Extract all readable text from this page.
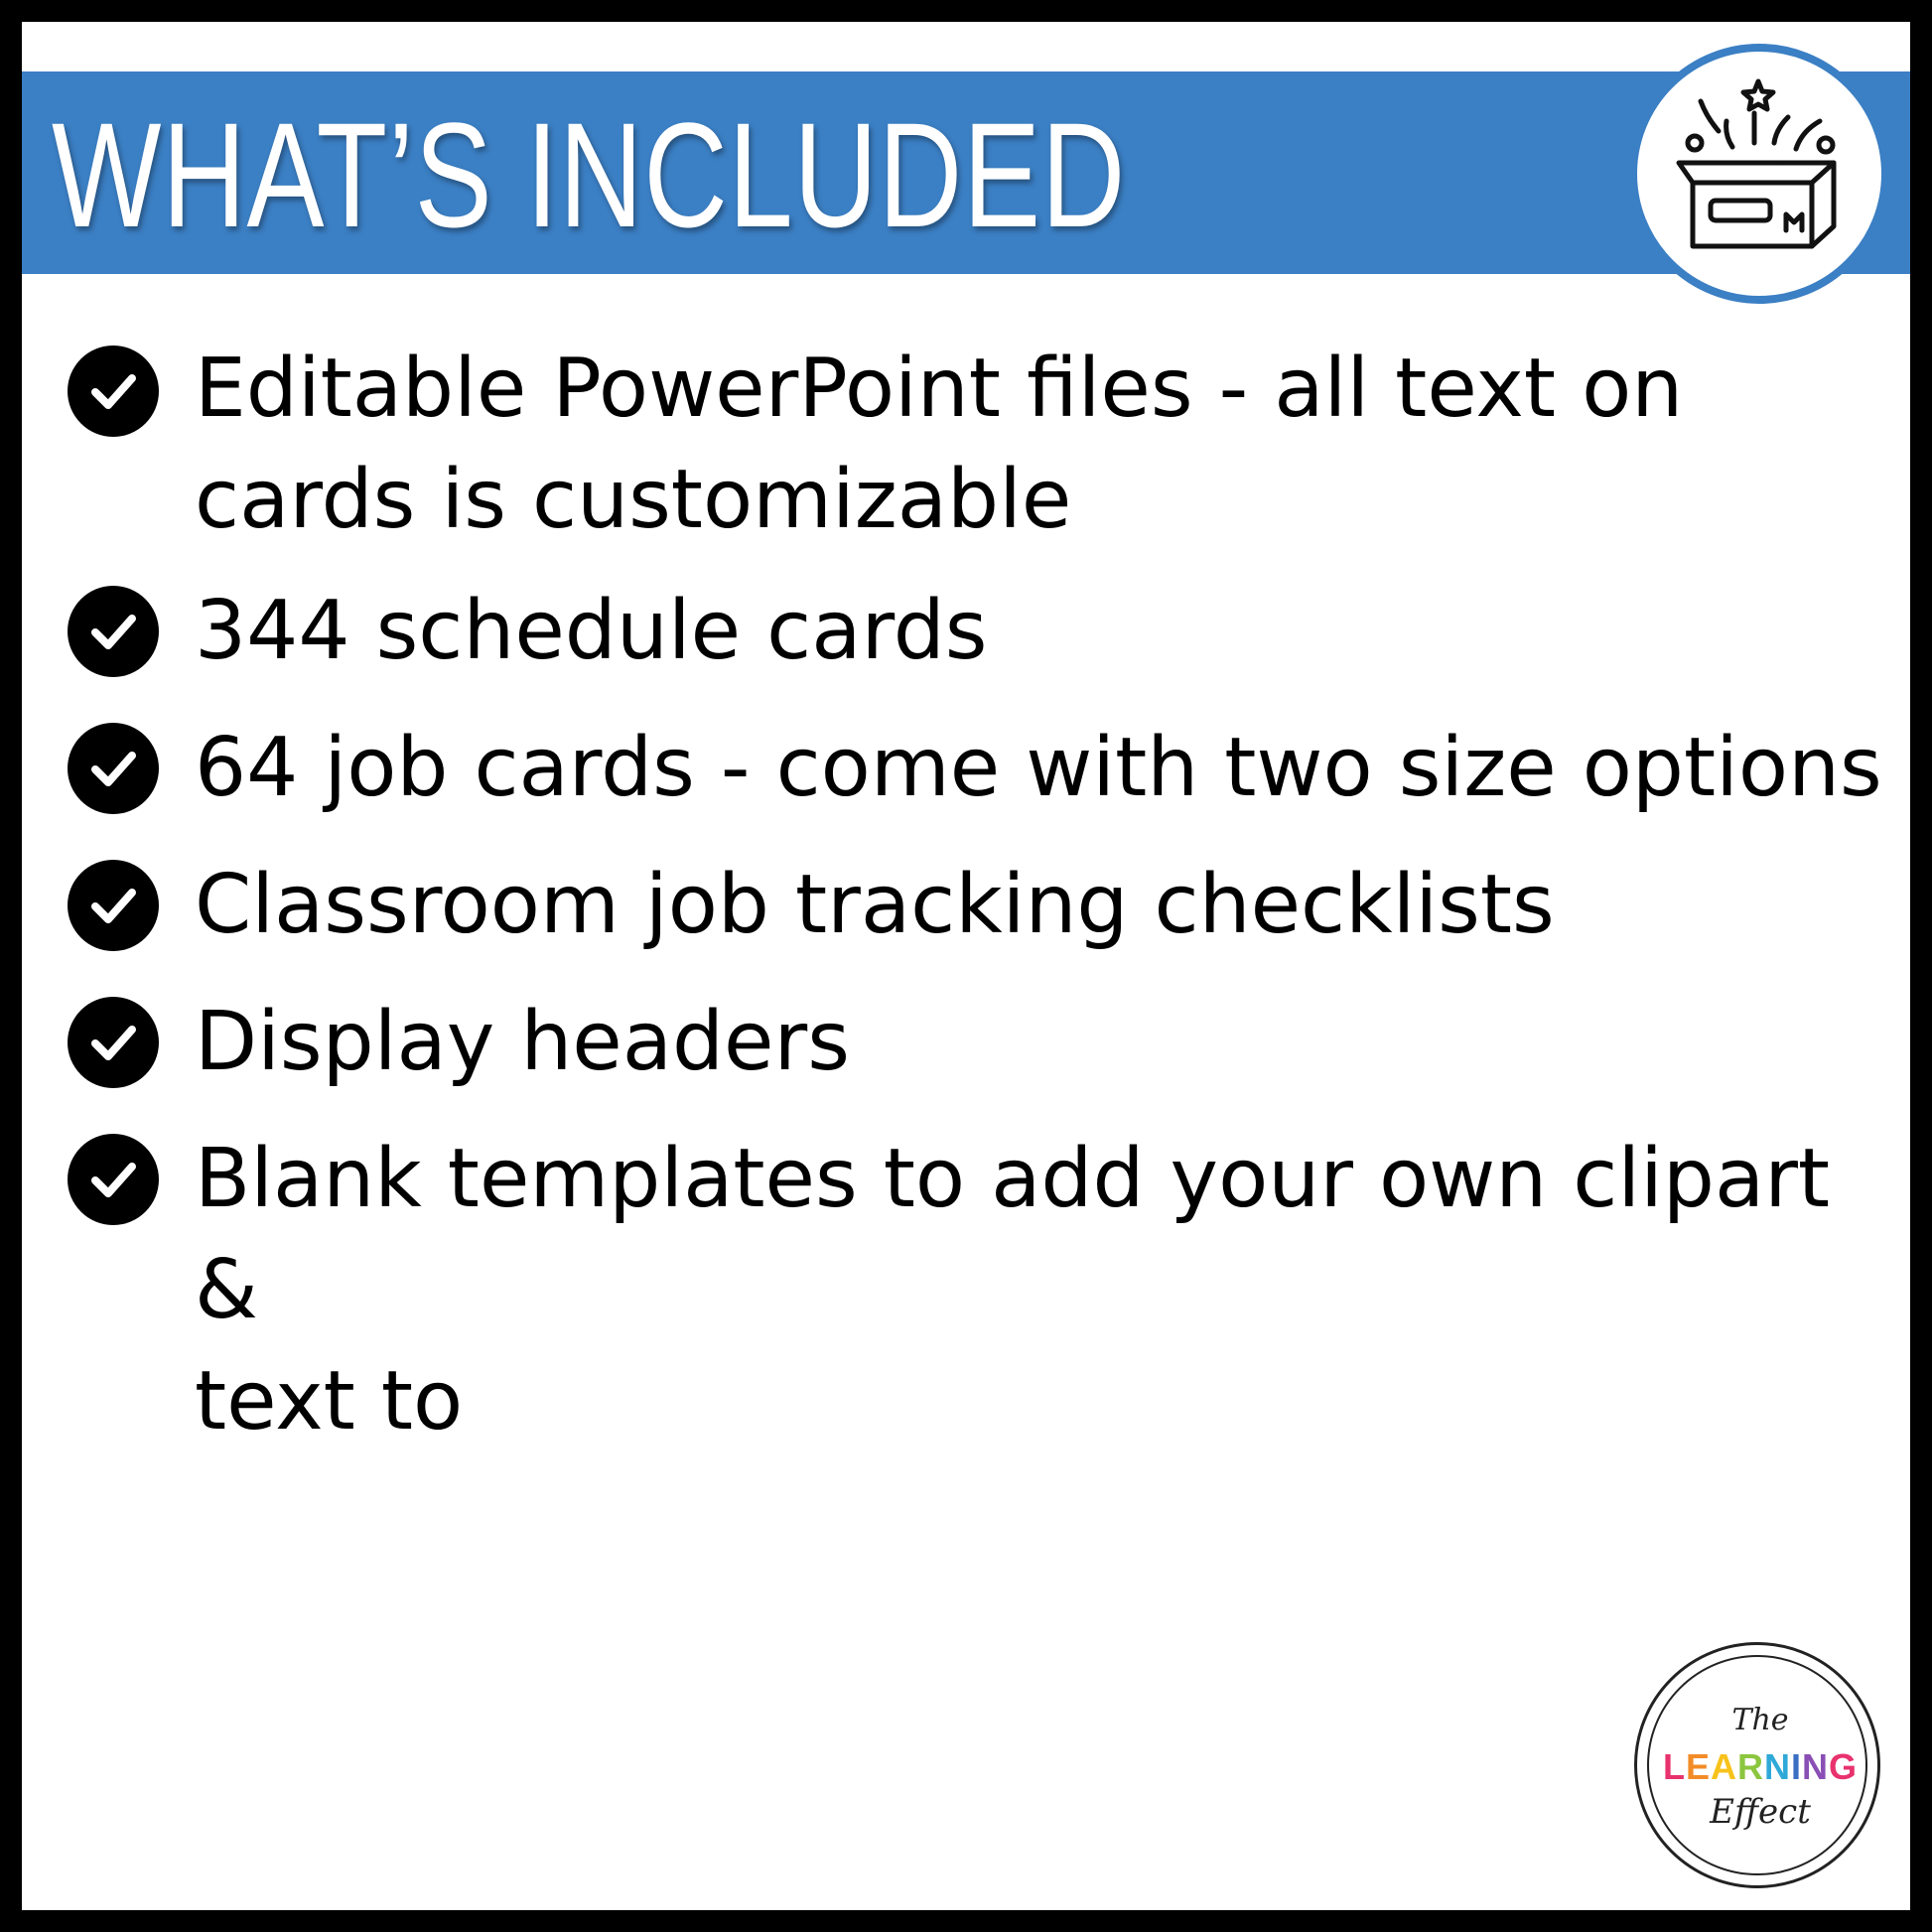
WHAT’S INCLUDED
Editable PowerPoint files - all text on
cards is customizable
344 schedule cards
64 job cards - come with two size options
Classroom job tracking checklists
Display headers
Blank templates to add your own clipart &
text to
The
LEARNING
Effect
